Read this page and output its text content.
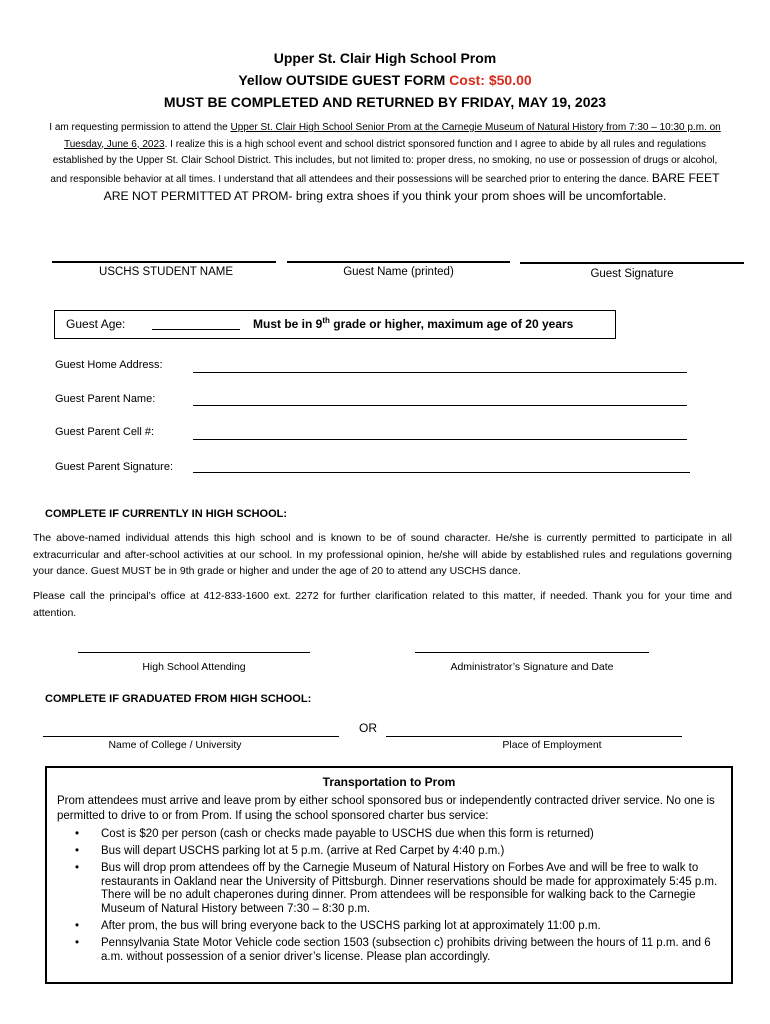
Upper St. Clair High School Prom
Yellow OUTSIDE GUEST FORM Cost: $50.00
MUST BE COMPLETED AND RETURNED BY FRIDAY, MAY 19, 2023
I am requesting permission to attend the Upper St. Clair High School Senior Prom at the Carnegie Museum of Natural History from 7:30 – 10:30 p.m. on Tuesday, June 6, 2023. I realize this is a high school event and school district sponsored function and I agree to abide by all rules and regulations established by the Upper St. Clair School District. This includes, but not limited to: proper dress, no smoking, no use or possession of drugs or alcohol, and responsible behavior at all times. I understand that all attendees and their possessions will be searched prior to entering the dance. BARE FEET ARE NOT PERMITTED AT PROM- bring extra shoes if you think your prom shoes will be uncomfortable.
USCHS STUDENT NAME	Guest Name (printed)	Guest Signature
Guest Age:	Must be in 9th grade or higher, maximum age of 20 years
Guest Home Address:
Guest Parent Name:
Guest Parent Cell #:
Guest Parent Signature:
COMPLETE IF CURRENTLY IN HIGH SCHOOL:
The above-named individual attends this high school and is known to be of sound character. He/she is currently permitted to participate in all extracurricular and after-school activities at our school. In my professional opinion, he/she will abide by established rules and regulations governing your dance. Guest MUST be in 9th grade or higher and under the age of 20 to attend any USCHS dance.
Please call the principal’s office at 412-833-1600 ext. 2272 for further clarification related to this matter, if needed. Thank you for your time and attention.
High School Attending	Administrator’s Signature and Date
COMPLETE IF GRADUATED FROM HIGH SCHOOL:
OR
Name of College / University	Place of Employment
Transportation to Prom
Prom attendees must arrive and leave prom by either school sponsored bus or independently contracted driver service. No one is permitted to drive to or from Prom. If using the school sponsored charter bus service:
• Cost is $20 per person (cash or checks made payable to USCHS due when this form is returned)
• Bus will depart USCHS parking lot at 5 p.m. (arrive at Red Carpet by 4:40 p.m.)
• Bus will drop prom attendees off by the Carnegie Museum of Natural History on Forbes Ave and will be free to walk to restaurants in Oakland near the University of Pittsburgh. Dinner reservations should be made for approximately 5:45 p.m. There will be no adult chaperones during dinner. Prom attendees will be responsible for walking back to the Carnegie Museum of Natural History between 7:30 – 8:30 p.m.
• After prom, the bus will bring everyone back to the USCHS parking lot at approximately 11:00 p.m.
• Pennsylvania State Motor Vehicle code section 1503 (subsection c) prohibits driving between the hours of 11 p.m. and 6 a.m. without possession of a senior driver’s license. Please plan accordingly.
